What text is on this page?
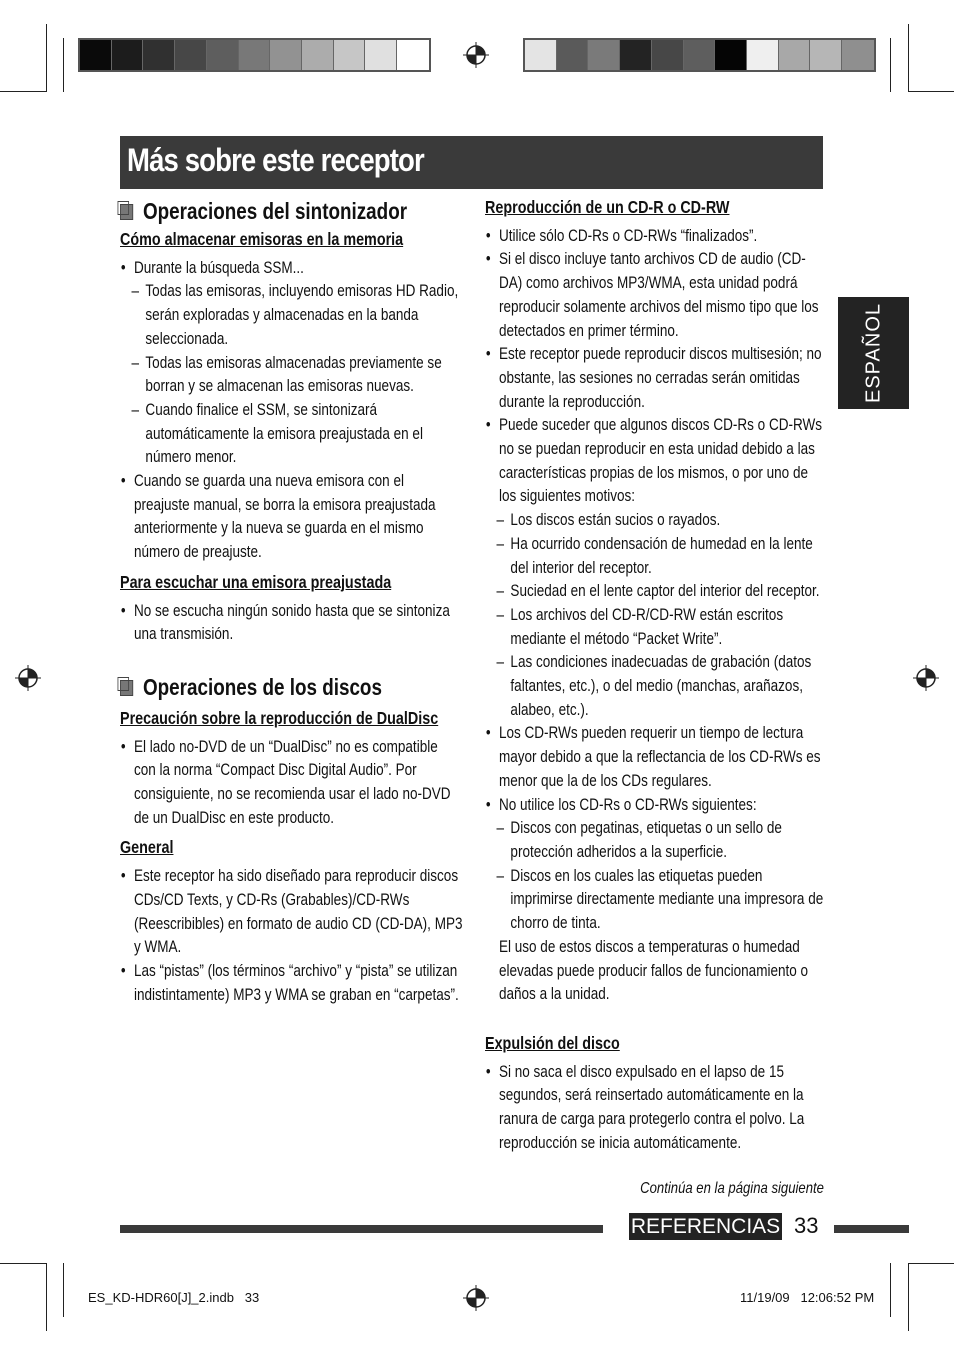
Más sobre este receptor
ESPAÑOL
Operaciones del sintonizador
Cómo almacenar emisoras en la memoria
• Durante la búsqueda SSM...
– Todas las emisoras, incluyendo emisoras HD Radio, serán exploradas y almacenadas en la banda seleccionada.
– Todas las emisoras almacenadas previamente se borran y se almacenan las emisoras nuevas.
– Cuando finalice el SSM, se sintonizará automáticamente la emisora preajustada en el número menor.
• Cuando se guarda una nueva emisora con el preajuste manual, se borra la emisora preajustada anteriormente y la nueva se guarda en el mismo número de preajuste.
Para escuchar una emisora preajustada
• No se escucha ningún sonido hasta que se sintoniza una transmisión.
Operaciones de los discos
Precaución sobre la reproducción de DualDisc
• El lado no-DVD de un “DualDisc” no es compatible con la norma “Compact Disc Digital Audio”. Por consiguiente, no se recomienda usar el lado no-DVD de un DualDisc en este producto.
General
• Este receptor ha sido diseñado para reproducir discos CDs/CD Texts, y CD-Rs (Grabables)/CD-RWs (Reescribibles) en formato de audio CD (CD-DA), MP3 y WMA.
• Las “pistas” (los términos “archivo” y “pista” se utilizan indistintamente) MP3 y WMA se graban en “carpetas”.
Reproducción de un CD-R o CD-RW
• Utilice sólo CD-Rs o CD-RWs “finalizados”.
• Si el disco incluye tanto archivos CD de audio (CD-DA) como archivos MP3/WMA, esta unidad podrá reproducir solamente archivos del mismo tipo que los detectados en primer término.
• Este receptor puede reproducir discos multisesión; no obstante, las sesiones no cerradas serán omitidas durante la reproducción.
• Puede suceder que algunos discos CD-Rs o CD-RWs no se puedan reproducir en esta unidad debido a las características propias de los mismos, o por uno de los siguientes motivos:
– Los discos están sucios o rayados.
– Ha ocurrido condensación de humedad en la lente del interior del receptor.
– Suciedad en el lente captor del interior del receptor.
– Los archivos del CD-R/CD-RW están escritos mediante el método “Packet Write”.
– Las condiciones inadecuadas de grabación (datos faltantes, etc.), o del medio (manchas, arañazos, alabeo, etc.).
• Los CD-RWs pueden requerir un tiempo de lectura mayor debido a que la reflectancia de los CD-RWs es menor que la de los CDs regulares.
• No utilice los CD-Rs o CD-RWs siguientes:
– Discos con pegatinas, etiquetas o un sello de protección adheridos a la superficie.
– Discos en los cuales las etiquetas pueden imprimirse directamente mediante una impresora de chorro de tinta.

El uso de estos discos a temperaturas o humedad elevadas puede producir fallos de funcionamiento o daños a la unidad.

Expulsión del disco
• Si no saca el disco expulsado en el lapso de 15 segundos, será reinsertado automáticamente en la ranura de carga para protegerlo contra el polvo. La reproducción se inicia automáticamente.
Continúa en la página siguiente
REFERENCIAS 33
ES_KD-HDR60[J]_2.indb   33	11/19/09   12:06:52 PM
